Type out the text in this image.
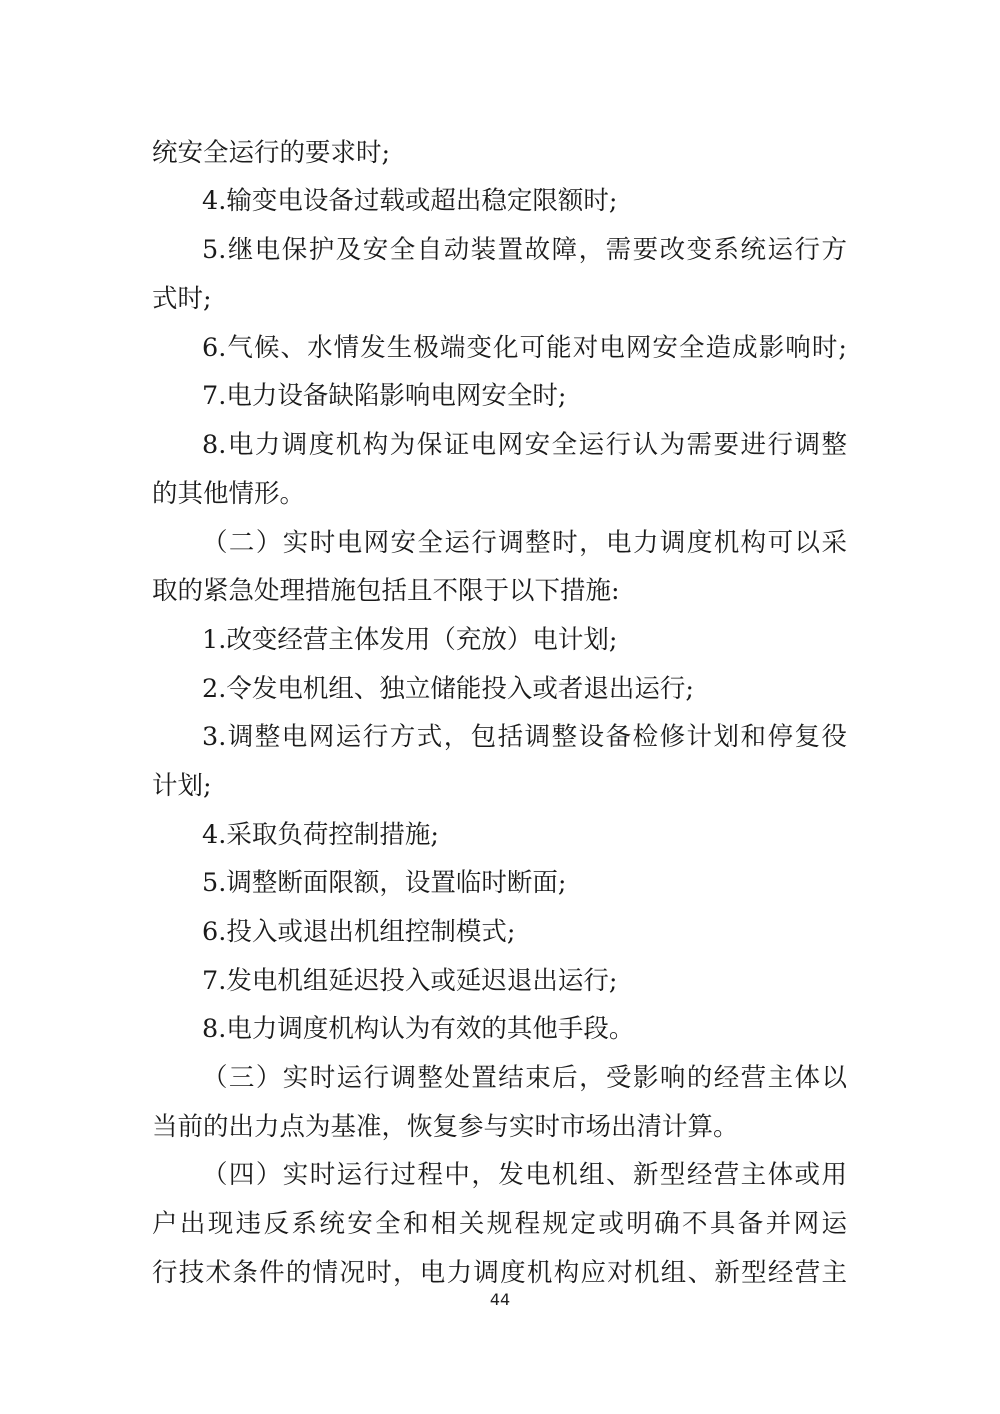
统安全运行的要求时;
4.输变电设备过载或超出稳定限额时;
5.继电保护及安全自动装置故障，需要改变系统运行方
式时;
6.气候、水情发生极端变化可能对电网安全造成影响时;
7.电力设备缺陷影响电网安全时;
8.电力调度机构为保证电网安全运行认为需要进行调整
的其他情形。
（二）实时电网安全运行调整时，电力调度机构可以采
取的紧急处理措施包括且不限于以下措施:
1.改变经营主体发用（充放）电计划;
2.令发电机组、独立储能投入或者退出运行;
3.调整电网运行方式，包括调整设备检修计划和停复役
计划;
4.采取负荷控制措施;
5.调整断面限额，设置临时断面;
6.投入或退出机组控制模式;
7.发电机组延迟投入或延迟退出运行;
8.电力调度机构认为有效的其他手段。
（三）实时运行调整处置结束后，受影响的经营主体以
当前的出力点为基准，恢复参与实时市场出清计算。
（四）实时运行过程中，发电机组、新型经营主体或用
户出现违反系统安全和相关规程规定或明确不具备并网运
行技术条件的情况时，电力调度机构应对机组、新型经营主
44
